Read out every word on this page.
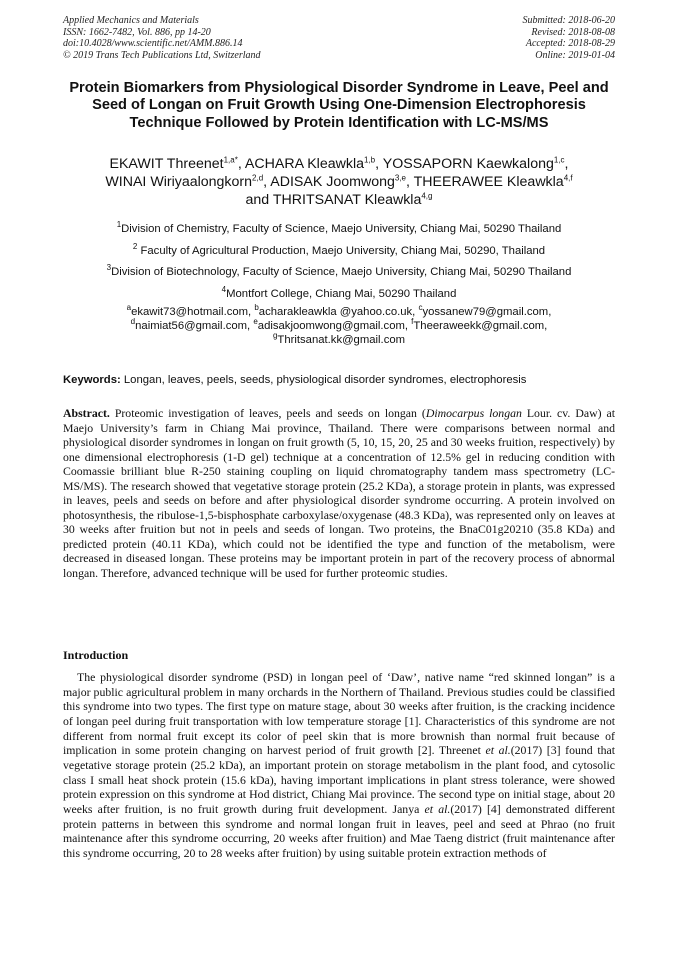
Applied Mechanics and Materials
ISSN: 1662-7482, Vol. 886, pp 14-20
doi:10.4028/www.scientific.net/AMM.886.14
© 2019 Trans Tech Publications Ltd, Switzerland
Submitted: 2018-06-20
Revised: 2018-08-08
Accepted: 2018-08-29
Online: 2019-01-04
Protein Biomarkers from Physiological Disorder Syndrome in Leave, Peel and Seed of Longan on Fruit Growth Using One-Dimension Electrophoresis Technique Followed by Protein Identification with LC-MS/MS
EKAWIT Threenet$^{1,a*}$, ACHARA Kleawkla$^{1,b}$, YOSSAPORN Kaewkalong$^{1,c}$,
WINAI Wiriyaalongkorn$^{2,d}$, ADISAK Joomwong$^{3,e}$, THEERAWEE Kleawkla$^{4,f}$
and THRITSANAT Kleawkla$^{4,g}$
$^1$Division of Chemistry, Faculty of Science, Maejo University, Chiang Mai, 50290 Thailand
$^2$ Faculty of Agricultural Production, Maejo University, Chiang Mai, 50290, Thailand
$^3$Division of Biotechnology, Faculty of Science, Maejo University, Chiang Mai, 50290 Thailand
$^4$Montfort College, Chiang Mai, 50290 Thailand
$^a$ekawit73@hotmail.com, $^b$acharakleawkla @yahoo.co.uk, $^c$yossanew79@gmail.com,
$^d$naimiat56@gmail.com, $^e$adisakjoomwong@gmail.com, $^f$Theeraweekk@gmail.com,
$^g$Thritsanat.kk@gmail.com
Keywords: Longan, leaves, peels, seeds, physiological disorder syndromes, electrophoresis
Abstract. Proteomic investigation of leaves, peels and seeds on longan (Dimocarpus longan Lour. cv. Daw) at Maejo University’s farm in Chiang Mai province, Thailand. There were comparisons between normal and physiological disorder syndromes in longan on fruit growth (5, 10, 15, 20, 25 and 30 weeks fruition, respectively) by one dimensional electrophoresis (1-D gel) technique at a concentration of 12.5% gel in reducing condition with Coomassie brilliant blue R-250 staining coupling on liquid chromatography tandem mass spectrometry (LC-MS/MS). The research showed that vegetative storage protein (25.2 KDa), a storage protein in plants, was expressed in leaves, peels and seeds on before and after physiological disorder syndrome occurring. A protein involved on photosynthesis, the ribulose-1,5-bisphosphate carboxylase/oxygenase (48.3 KDa), was represented only on leaves at 30 weeks after fruition but not in peels and seeds of longan. Two proteins, the BnaC01g20210 (35.8 KDa) and predicted protein (40.11 KDa), which could not be identified the type and function of the metabolism, were decreased in diseased longan. These proteins may be important protein in part of the recovery process of abnormal longan. Therefore, advanced technique will be used for further proteomic studies.
Introduction
The physiological disorder syndrome (PSD) in longan peel of ‘Daw’, native name “red skinned longan” is a major public agricultural problem in many orchards in the Northern of Thailand. Previous studies could be classified this syndrome into two types. The first type on mature stage, about 30 weeks after fruition, is the cracking incidence of longan peel during fruit transportation with low temperature storage [1]. Characteristics of this syndrome are not different from normal fruit except its color of peel skin that is more brownish than normal fruit because of implication in some protein changing on harvest period of fruit growth [2]. Threenet et al.(2017) [3] found that vegetative storage protein (25.2 kDa), an important protein on storage metabolism in the plant food, and cytosolic class I small heat shock protein (15.6 kDa), having important implications in plant stress tolerance, were showed protein expression on this syndrome at Hod district, Chiang Mai province. The second type on initial stage, about 20 weeks after fruition, is no fruit growth during fruit development. Janya et al.(2017) [4] demonstrated different protein patterns in between this syndrome and normal longan fruit in leaves, peel and seed at Phrao (no fruit maintenance after this syndrome occurring, 20 weeks after fruition) and Mae Taeng district (fruit maintenance after this syndrome occurring, 20 to 28 weeks after fruition) by using suitable protein extraction methods of
